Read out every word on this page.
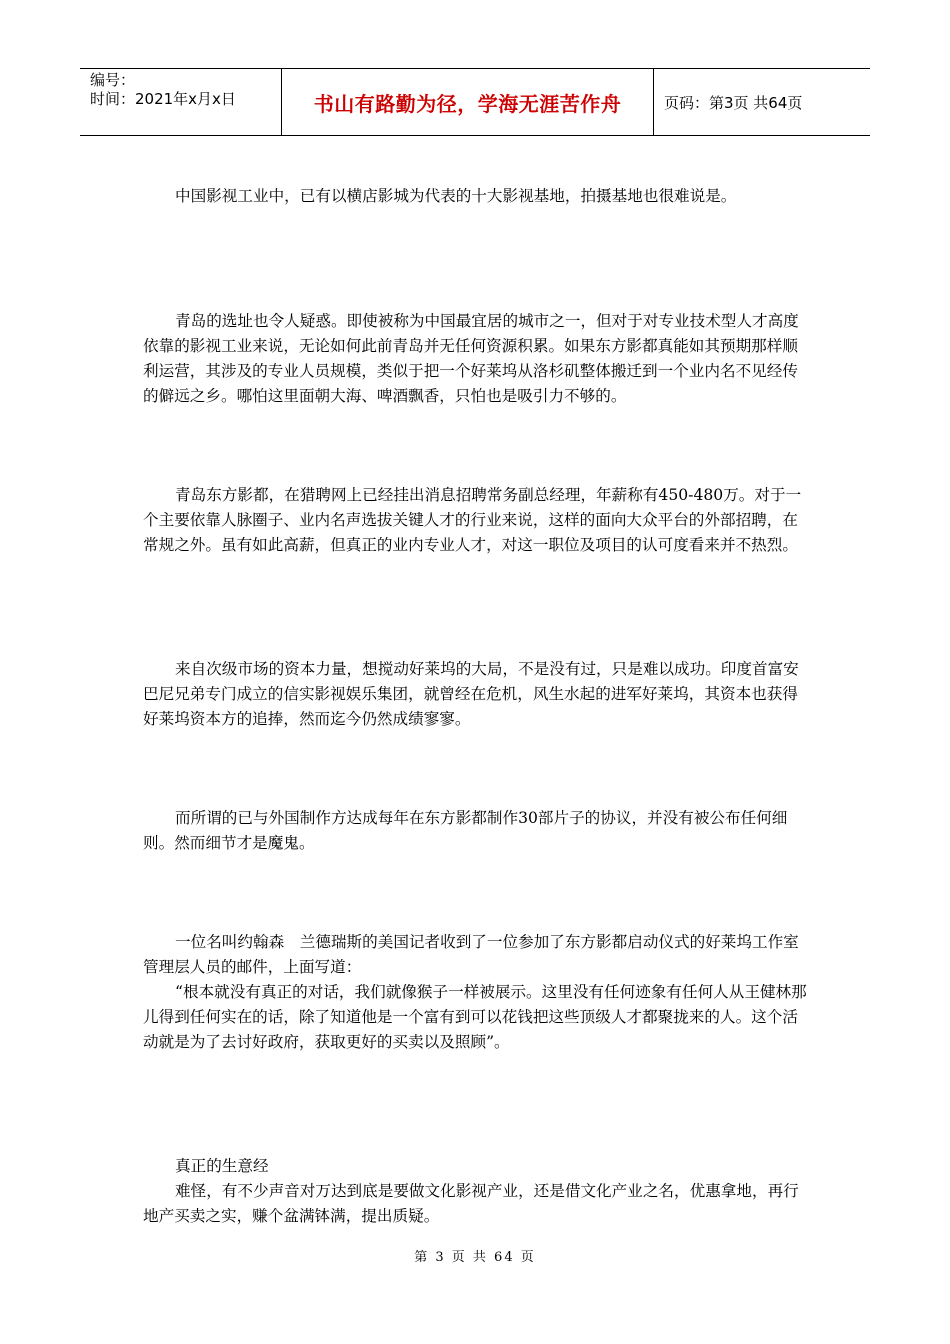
编号：
时间：2021年x月x日	书山有路勤为径，学海无涯苦作舟	页码：第3页 共64页

中国影视工业中，已有以横店影城为代表的十大影视基地，拍摄基地也很难说是。

青岛的选址也令人疑惑。即使被称为中国最宜居的城市之一，但对于对专业技术型人才高度依靠的影视工业来说，无论如何此前青岛并无任何资源积累。如果东方影都真能如其预期那样顺利运营，其涉及的专业人员规模，类似于把一个好莱坞从洛杉矶整体搬迁到一个业内名不见经传的僻远之乡。哪怕这里面朝大海、啤酒飘香，只怕也是吸引力不够的。

青岛东方影都，在猎聘网上已经挂出消息招聘常务副总经理，年薪称有450-480万。对于一个主要依靠人脉圈子、业内名声选拔关键人才的行业来说，这样的面向大众平台的外部招聘，在常规之外。虽有如此高薪，但真正的业内专业人才，对这一职位及项目的认可度看来并不热烈。

来自次级市场的资本力量，想搅动好莱坞的大局，不是没有过，只是难以成功。印度首富安巴尼兄弟专门成立的信实影视娱乐集团，就曾经在危机，风生水起的进军好莱坞，其资本也获得好莱坞资本方的追捧，然而迄今仍然成绩寥寥。

而所谓的已与外国制作方达成每年在东方影都制作30部片子的协议，并没有被公布任何细则。然而细节才是魔鬼。

一位名叫约翰森　兰德瑞斯的美国记者收到了一位参加了东方影都启动仪式的好莱坞工作室管理层人员的邮件，上面写道：

“根本就没有真正的对话，我们就像猴子一样被展示。这里没有任何迹象有任何人从王健林那儿得到任何实在的话，除了知道他是一个富有到可以花钱把这些顶级人才都聚拢来的人。这个活动就是为了去讨好政府，获取更好的买卖以及照顾”。

真正的生意经

难怪，有不少声音对万达到底是要做文化影视产业，还是借文化产业之名，优惠拿地，再行地产买卖之实，赚个盆满钵满，提出质疑。

第 3 页 共 64 页
